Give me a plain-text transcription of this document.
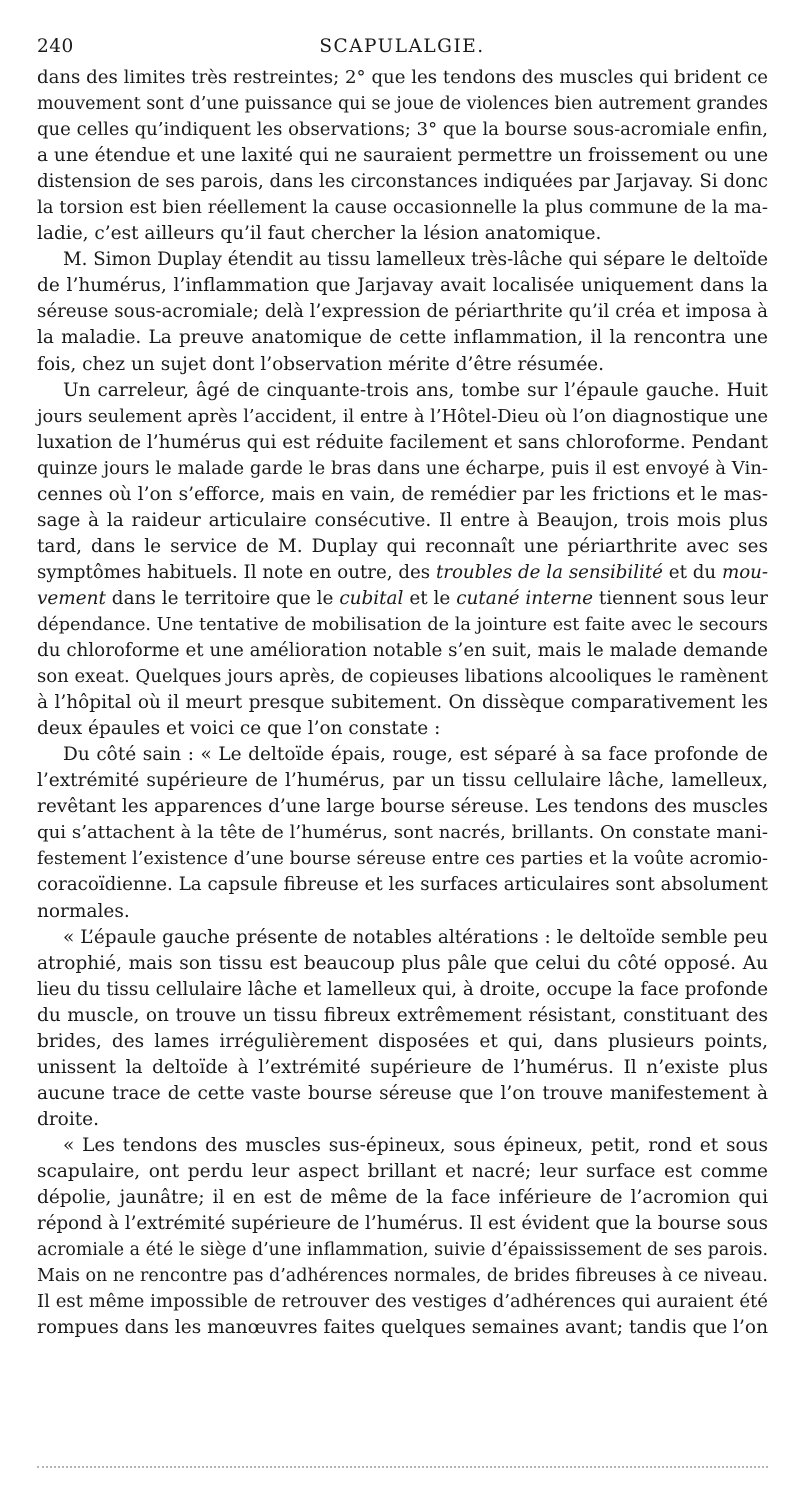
240	SCAPULALGIE.
dans des limites très restreintes; 2° que les tendons des muscles qui brident ce
mouvement sont d’une puissance qui se joue de violences bien autrement grandes
que celles qu’indiquent les observations; 3° que la bourse sous-acromiale enfin,
a une étendue et une laxité qui ne sauraient permettre un froissement ou une
distension de ses parois, dans les circonstances indiquées par Jarjavay. Si donc
la torsion est bien réellement la cause occasionnelle la plus commune de la ma-
ladie, c’est ailleurs qu’il faut chercher la lésion anatomique.
M. Simon Duplay étendit au tissu lamelleux très-lâche qui sépare le deltoïde
de l’humérus, l’inflammation que Jarjavay avait localisée uniquement dans la
séreuse sous-acromiale; delà l’expression de périarthrite qu’il créa et imposa à
la maladie. La preuve anatomique de cette inflammation, il la rencontra une
fois, chez un sujet dont l’observation mérite d’être résumée.
Un carreleur, âgé de cinquante-trois ans, tombe sur l’épaule gauche. Huit
jours seulement après l’accident, il entre à l’Hôtel-Dieu où l’on diagnostique une
luxation de l’humérus qui est réduite facilement et sans chloroforme. Pendant
quinze jours le malade garde le bras dans une écharpe, puis il est envoyé à Vin-
cennes où l’on s’efforce, mais en vain, de remédier par les frictions et le mas-
sage à la raideur articulaire consécutive. Il entre à Beaujon, trois mois plus
tard, dans le service de M. Duplay qui reconnaît une périarthrite avec ses
symptômes habituels. Il note en outre, des troubles de la sensibilité et du mou-
vement dans le territoire que le cubital et le cutané interne tiennent sous leur
dépendance. Une tentative de mobilisation de la jointure est faite avec le secours
du chloroforme et une amélioration notable s’en suit, mais le malade demande
son exeat. Quelques jours après, de copieuses libations alcooliques le ramènent
à l’hôpital où il meurt presque subitement. On dissèque comparativement les
deux épaules et voici ce que l’on constate :
Du côté sain : « Le deltoïde épais, rouge, est séparé à sa face profonde de
l’extrémité supérieure de l’humérus, par un tissu cellulaire lâche, lamelleux,
revêtant les apparences d’une large bourse séreuse. Les tendons des muscles
qui s’attachent à la tête de l’humérus, sont nacrés, brillants. On constate mani-
festement l’existence d’une bourse séreuse entre ces parties et la voûte acromio-
coracoïdienne. La capsule fibreuse et les surfaces articulaires sont absolument
normales.
« L’épaule gauche présente de notables altérations : le deltoïde semble peu
atrophié, mais son tissu est beaucoup plus pâle que celui du côté opposé. Au
lieu du tissu cellulaire lâche et lamelleux qui, à droite, occupe la face profonde
du muscle, on trouve un tissu fibreux extrêmement résistant, constituant des
brides, des lames irrégulièrement disposées et qui, dans plusieurs points,
unissent la deltoïde à l’extrémité supérieure de l’humérus. Il n’existe plus
aucune trace de cette vaste bourse séreuse que l’on trouve manifestement à
droite.
« Les tendons des muscles sus-épineux, sous épineux, petit, rond et sous
scapulaire, ont perdu leur aspect brillant et nacré; leur surface est comme
dépolie, jaunâtre; il en est de même de la face inférieure de l’acromion qui
répond à l’extrémité supérieure de l’humérus. Il est évident que la bourse sous
acromiale a été le siège d’une inflammation, suivie d’épaississement de ses parois.
Mais on ne rencontre pas d’adhérences normales, de brides fibreuses à ce niveau.
Il est même impossible de retrouver des vestiges d’adhérences qui auraient été
rompues dans les manœuvres faites quelques semaines avant; tandis que l’on
